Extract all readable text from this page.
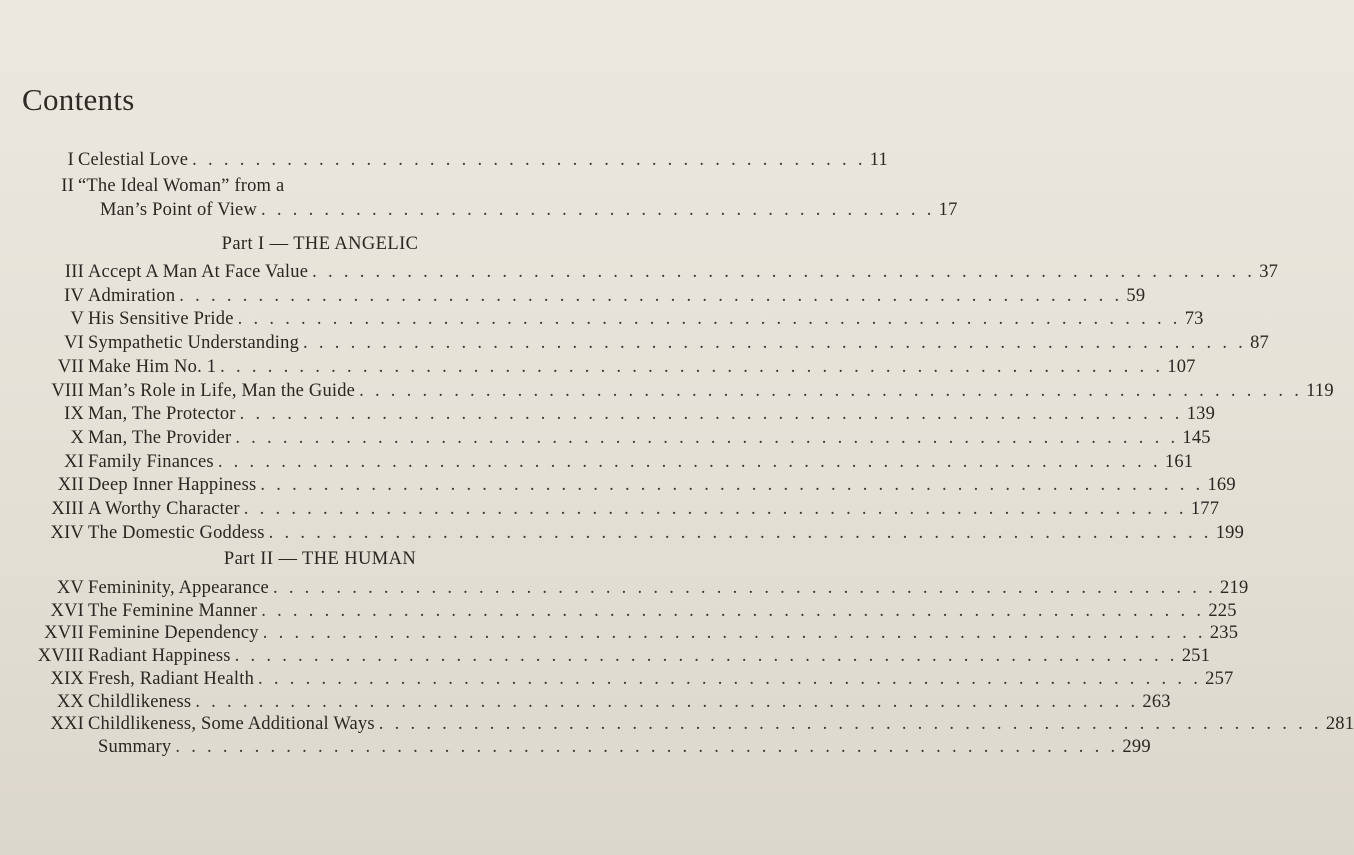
Contents
I Celestial Love . . . . . . . . . . . . . . . . . . . . . . . . . . . . . . . . . . . . . . . . . . . 11
II “The Ideal Woman” from a
Man’s Point of View . . . . . . . . . . . . . . . . . . . . . . . . . . . . . . . . . . . . . . . . . . . 17
Part I — THE ANGELIC
III Accept A Man At Face Value . . . . . . . . . . . . . . . . . . . . . . . . . . . . . . . . . . . . . . . . . . . . . . . . . . . . . . . . . . . . 37
IV Admiration . . . . . . . . . . . . . . . . . . . . . . . . . . . . . . . . . . . . . . . . . . . . . . . . . . . . . . . . . . . . 59
V His Sensitive Pride . . . . . . . . . . . . . . . . . . . . . . . . . . . . . . . . . . . . . . . . . . . . . . . . . . . . . . . . . . . . 73
VI Sympathetic Understanding . . . . . . . . . . . . . . . . . . . . . . . . . . . . . . . . . . . . . . . . . . . . . . . . . . . . . . . . . . . . 87
VII Make Him No. 1 . . . . . . . . . . . . . . . . . . . . . . . . . . . . . . . . . . . . . . . . . . . . . . . . . . . . . . . . . . . . 107
VIII Man’s Role in Life, Man the Guide . . . . . . . . . . . . . . . . . . . . . . . . . . . . . . . . . . . . . . . . . . . . . . . . . . . . . . . . . . . . 119
IX Man, The Protector . . . . . . . . . . . . . . . . . . . . . . . . . . . . . . . . . . . . . . . . . . . . . . . . . . . . . . . . . . . . 139
X Man, The Provider . . . . . . . . . . . . . . . . . . . . . . . . . . . . . . . . . . . . . . . . . . . . . . . . . . . . . . . . . . . . 145
XI Family Finances . . . . . . . . . . . . . . . . . . . . . . . . . . . . . . . . . . . . . . . . . . . . . . . . . . . . . . . . . . . . 161
XII Deep Inner Happiness . . . . . . . . . . . . . . . . . . . . . . . . . . . . . . . . . . . . . . . . . . . . . . . . . . . . . . . . . . . . 169
XIII A Worthy Character . . . . . . . . . . . . . . . . . . . . . . . . . . . . . . . . . . . . . . . . . . . . . . . . . . . . . . . . . . . . 177
XIV The Domestic Goddess . . . . . . . . . . . . . . . . . . . . . . . . . . . . . . . . . . . . . . . . . . . . . . . . . . . . . . . . . . . . 199
Part II — THE HUMAN
XV Femininity, Appearance . . . . . . . . . . . . . . . . . . . . . . . . . . . . . . . . . . . . . . . . . . . . . . . . . . . . . . . . . . . . 219
XVI The Feminine Manner . . . . . . . . . . . . . . . . . . . . . . . . . . . . . . . . . . . . . . . . . . . . . . . . . . . . . . . . . . . . 225
XVII Feminine Dependency . . . . . . . . . . . . . . . . . . . . . . . . . . . . . . . . . . . . . . . . . . . . . . . . . . . . . . . . . . . . 235
XVIII Radiant Happiness . . . . . . . . . . . . . . . . . . . . . . . . . . . . . . . . . . . . . . . . . . . . . . . . . . . . . . . . . . . . 251
XIX Fresh, Radiant Health . . . . . . . . . . . . . . . . . . . . . . . . . . . . . . . . . . . . . . . . . . . . . . . . . . . . . . . . . . . . 257
XX Childlikeness . . . . . . . . . . . . . . . . . . . . . . . . . . . . . . . . . . . . . . . . . . . . . . . . . . . . . . . . . . . . 263
XXI Childlikeness, Some Additional Ways . . . . . . . . . . . . . . . . . . . . . . . . . . . . . . . . . . . . . . . . . . . . . . . . . . . . . . . . . . . . 281
Summary . . . . . . . . . . . . . . . . . . . . . . . . . . . . . . . . . . . . . . . . . . . . . . . . . . . . . . . . . . . . 299
